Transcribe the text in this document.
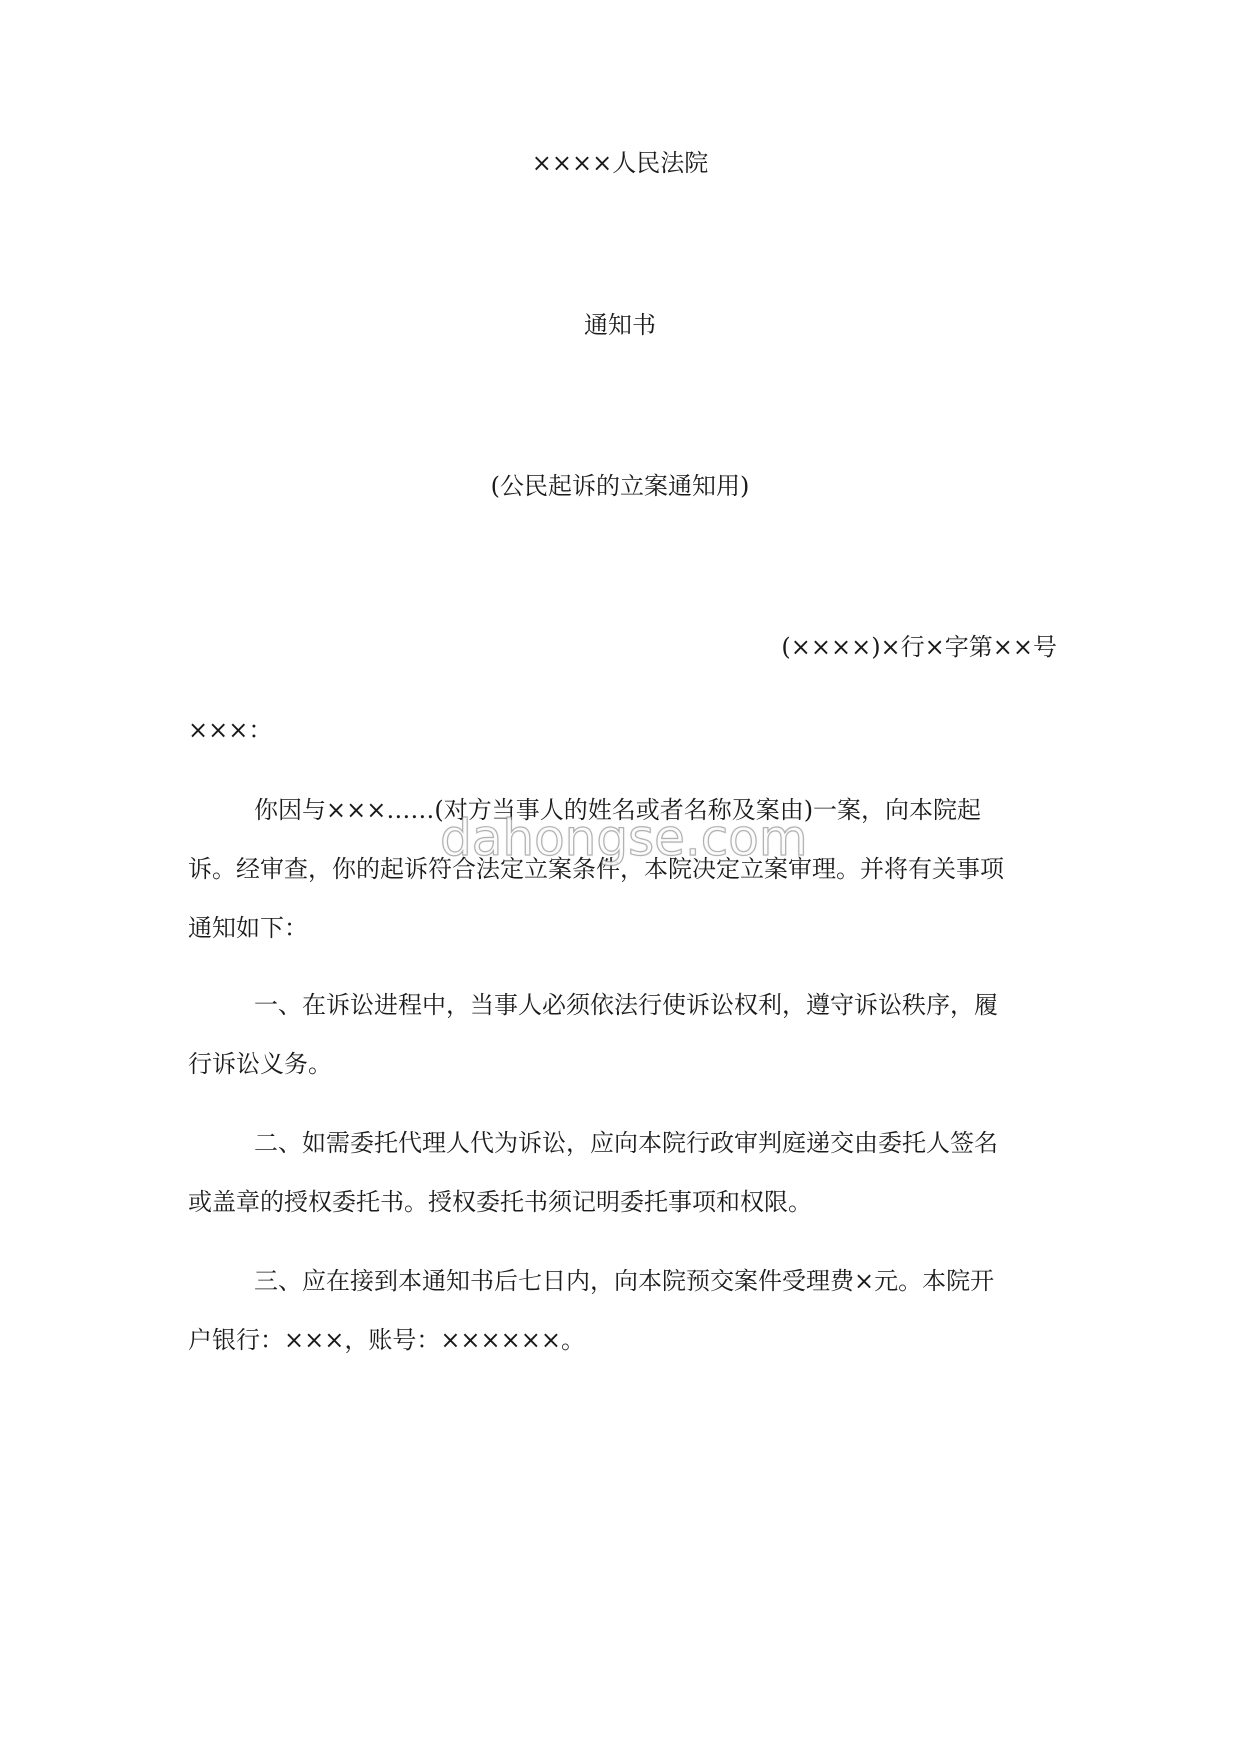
××××人民法院
通知书
(公民起诉的立案通知用)
(××××)×行×字第××号
×××：
你因与×××……(对方当事人的姓名或者名称及案由)一案，向本院起
诉。经审查，你的起诉符合法定立案条件，本院决定立案审理。并将有关事项
通知如下：
一、在诉讼进程中，当事人必须依法行使诉讼权利，遵守诉讼秩序，履
行诉讼义务。
二、如需委托代理人代为诉讼，应向本院行政审判庭递交由委托人签名
或盖章的授权委托书。授权委托书须记明委托事项和权限。
三、应在接到本通知书后七日内，向本院预交案件受理费×元。本院开
户银行：×××，账号：××××××。
dahongse.com
